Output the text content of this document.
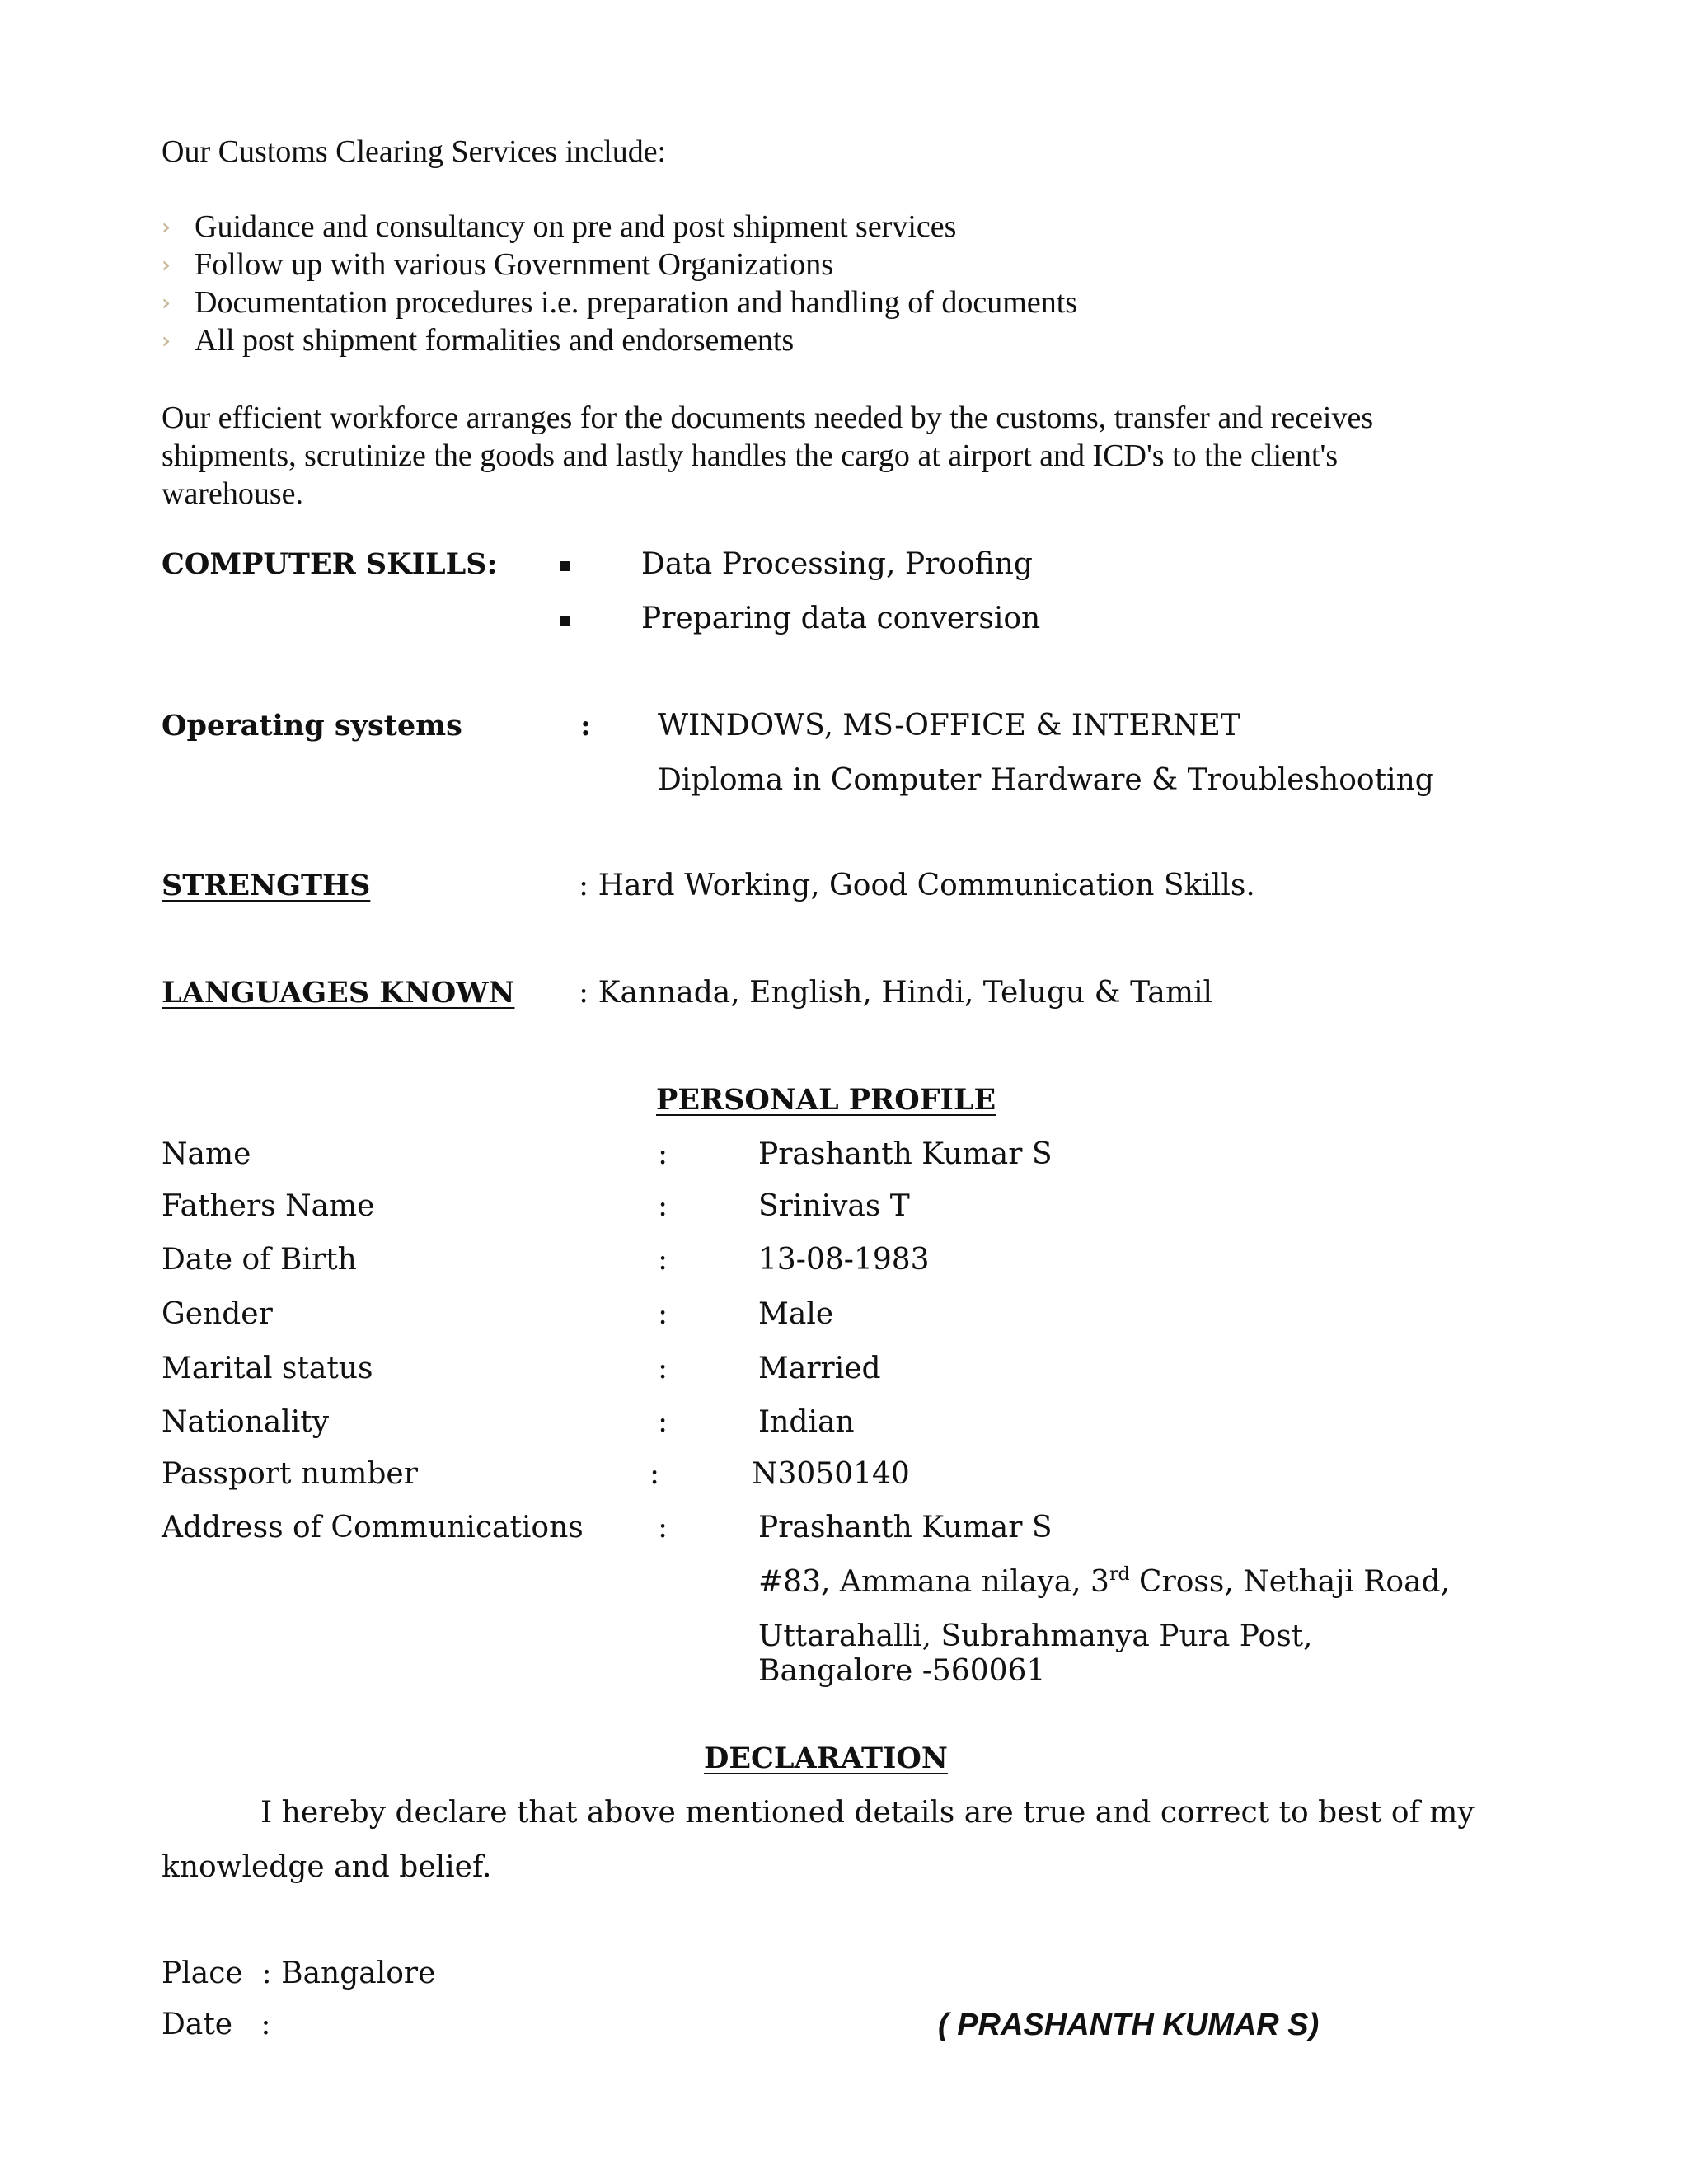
Our Customs Clearing Services include:
››› Guidance and consultancy on pre and post shipment services
››› Follow up with various Government Organizations
››› Documentation procedures i.e. preparation and handling of documents
››› All post shipment formalities and endorsements
Our efficient workforce arranges for the documents needed by the customs, transfer and receives shipments, scrutinize the goods and lastly handles the cargo at airport and ICD's to the client's warehouse.
COMPUTER SKILLS:	Data Processing, Proofing
Preparing data conversion
Operating systems	: WINDOWS, MS-OFFICE & INTERNET
Diploma in Computer Hardware & Troubleshooting
STRENGTHS	: Hard Working, Good Communication Skills.
LANGUAGES KNOWN : Kannada, English, Hindi, Telugu & Tamil
PERSONAL PROFILE
Name	:	Prashanth Kumar S
Fathers Name	:	Srinivas T
Date of Birth	:	13-08-1983
Gender	:	Male
Marital status	:	Married
Nationality	:	Indian
Passport number	:	N3050140
Address of Communications	:	Prashanth Kumar S
#83, Ammana nilaya, 3rd Cross, Nethaji Road,
Uttarahalli, Subrahmanya Pura Post,
Bangalore -560061
DECLARATION
I hereby declare that above mentioned details are true and correct to best of my
knowledge and belief.
Place  : Bangalore
Date   :	( PRASHANTH KUMAR S)
